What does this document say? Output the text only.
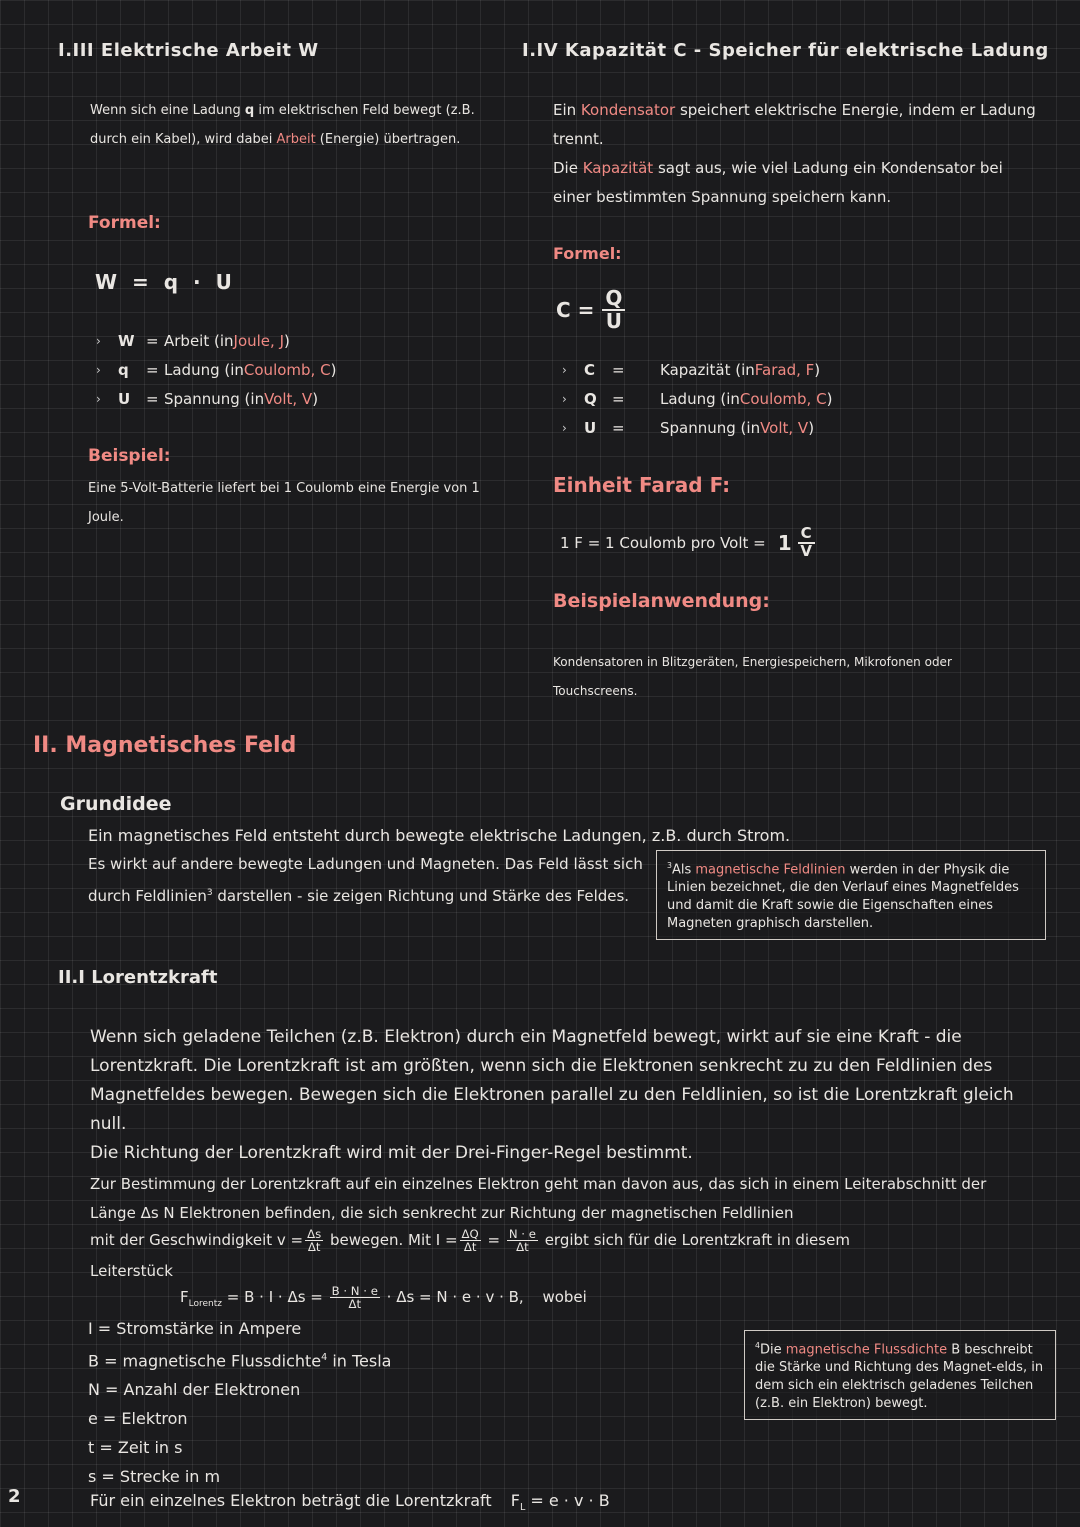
I.III Elektrische Arbeit W
Wenn sich eine Ladung q im elektrischen Feld bewegt (z.B. durch ein Kabel), wird dabei Arbeit (Energie) übertragen.
Formel:
W = q · U
›	W = Arbeit (in Joule, J )
›	q	= Ladung (in Coulomb, C )
›	U	= Spannung (in Volt, V )
Beispiel:
Eine 5-Volt-Batterie liefert bei 1 Coulomb eine Energie von 1 Joule.
I.IV Kapazität C - Speicher für elektrische Ladung
Ein Kondensator speichert elektrische Energie, indem er Ladung trennt.
Die Kapazität sagt aus, wie viel Ladung ein Kondensator bei einer bestimmten Spannung speichern kann.
Formel:
$C = \frac{Q}{U}$
›	C	=	Kapazität (in Farad, F )
›	Q	=	Ladung (in Coulomb, C )
›	U	=	Spannung (in Volt, V )
Einheit Farad F:
1 F = 1 Coulomb pro Volt = $1 \frac{C}{V}$
Beispielanwendung:
Kondensatoren in Blitzgeräten, Energiespeichern, Mikrofonen oder Touchscreens.
II. Magnetisches Feld
Grundidee
Ein magnetisches Feld entsteht durch bewegte elektrische Ladungen, z.B. durch Strom.
Es wirkt auf andere bewegte Ladungen und Magneten. Das Feld lässt sich durch Feldlinien$^3$ darstellen - sie zeigen Richtung und Stärke des Feldes.
$^3$Als magnetische Feldlinien werden in der Physik die Linien bezeichnet, die den Verlauf eines Magnetfeldes und damit die Kraft sowie die Eigenschaften eines Magneten graphisch darstellen.
II.I Lorentzkraft
Wenn sich geladene Teilchen (z.B. Elektron) durch ein Magnetfeld bewegt, wirkt auf sie eine Kraft - die Lorentzkraft. Die Lorentzkraft ist am größten, wenn sich die Elektronen senkrecht zu zu den Feldlinien des Magnetfeldes bewegen. Bewegen sich die Elektronen parallel zu den Feldlinien, so ist die Lorentzkraft gleich null.
Die Richtung der Lorentzkraft wird mit der Drei-Finger-Regel bestimmt.
Zur Bestimmung der Lorentzkraft auf ein einzelnes Elektron geht man davon aus, das sich in einem Leiterabschnitt der Länge Δs N Elektronen befinden, die sich senkrecht zur Richtung der magnetischen Feldlinien
mit der Geschwindigkeit $v = \frac{\Delta s}{\Delta t}$ bewegen. Mit $I = \frac{\Delta Q}{\Delta t} = \frac{N \cdot e}{\Delta t}$ ergibt sich für die Lorentzkraft in diesem
Leiterstück
$F_{Lorentz} = B \cdot I \cdot \Delta s = \frac{B \cdot N \cdot e}{\Delta t} \cdot \Delta s = N \cdot e \cdot v \cdot B$, wobei
I = Stromstärke in Ampere
B = magnetische Flussdichte$^4$ in Tesla
N = Anzahl der Elektronen
e = Elektron
t = Zeit in s
s = Strecke in m
$^4$Die magnetische Flussdichte B beschreibt die Stärke und Richtung des Magnet-elds, in dem sich ein elektrisch geladenes Teilchen (z.B. ein Elektron) bewegt.
Für ein einzelnes Elektron beträgt die Lorentzkraft $F_L = e \cdot v \cdot B$
2
